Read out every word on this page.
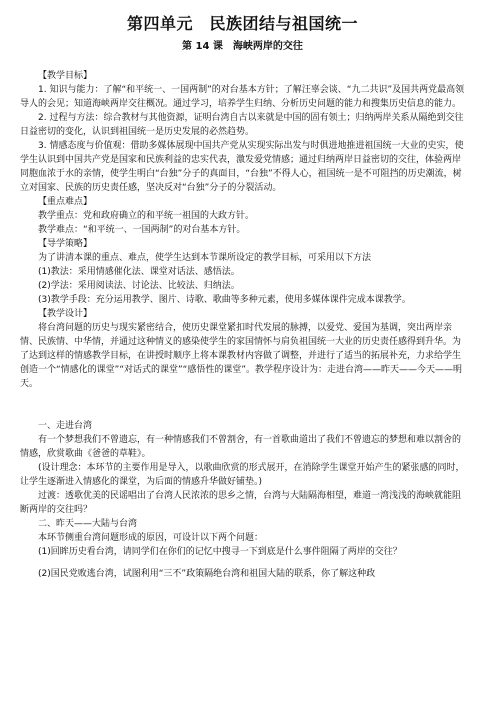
第四单元　民族团结与祖国统一
第 14 课　海峡两岸的交往

【教学目标】

1. 知识与能力：了解“和平统一、一国两制”的对台基本方针；了解汪辜会谈、“九二共识”及国共两党最高领导人的会见；知道海峡两岸交往概况。通过学习，培养学生归纳、分析历史问题的能力和搜集历史信息的能力。

2. 过程与方法：综合教材与其他资源，证明台湾自古以来就是中国的固有领土；归纳两岸关系从隔绝到交往日益密切的变化，认识到祖国统一是历史发展的必然趋势。

3. 情感态度与价值观：借助多媒体展现中国共产党从实现实际出发与时俱进地推进祖国统一大业的史实，使学生认识到中国共产党是国家和民族利益的忠实代表，激发爱党情感；通过归纳两岸日益密切的交往，体验两岸同胞血浓于水的亲情，使学生明白“台独”分子的真面目，“台独”不得人心，祖国统一是不可阻挡的历史潮流，树立对国家、民族的历史责任感，坚决反对“台独”分子的分裂活动。

【重点难点】

教学重点：党和政府确立的和平统一祖国的大政方针。

教学难点：“和平统一、一国两制”的对台基本方针。

【导学策略】

为了讲清本课的重点、难点，使学生达到本节课所设定的教学目标，可采用以下方法

(1)教法：采用情感催化法、课堂对话法、感悟法。

(2)学法：采用阅读法、讨论法、比较法、归纳法。

(3)教学手段：充分运用教学、图片、诗歌、歌曲等多种元素，使用多媒体课件完成本课教学。

【教学设计】

将台湾问题的历史与现实紧密结合，使历史课堂紧扣时代发展的脉搏，以爱党、爱国为基调，突出两岸亲情、民族情、中华情，并通过这种情义的感染使学生的家国情怀与肩负祖国统一大业的历史责任感得到升华。为了达到这样的情感教学目标，在讲授时顺序上将本课教材内容做了调整，并进行了适当的拓展补充，力求给学生创造一个“情感化的课堂”“对话式的课堂”“感悟性的课堂”。教学程序设计为：走进台湾——昨天——今天——明天。

一、走进台湾

有一个梦想我们不曾遗忘，有一种情感我们不曾割舍，有一首歌曲道出了我们不曾遗忘的梦想和难以割舍的情感，欣赏歌曲《爸爸的草鞋》。

(设计理念：本环节的主要作用是导入，以歌曲欣赏的形式展开，在消除学生课堂开始产生的紧张感的同时，让学生逐渐进入情感化的课堂，为后面的情感升华做好铺垫。)

过渡：透歌优美的民谣唱出了台湾人民浓浓的思乡之情，台湾与大陆隔海相望，难道一湾浅浅的海峡就能阻断两岸的交往吗？

二、昨天——大陆与台湾

本环节侧重台湾问题形成的原因，可设计以下两个问题：

(1)回眸历史看台湾，请同学们在你们的记忆中搜寻一下到底是什么事件阻隔了两岸的交往？

(2)国民党败逃台湾，试图利用“三不”政策隔绝台湾和祖国大陆的联系，你了解这种政
